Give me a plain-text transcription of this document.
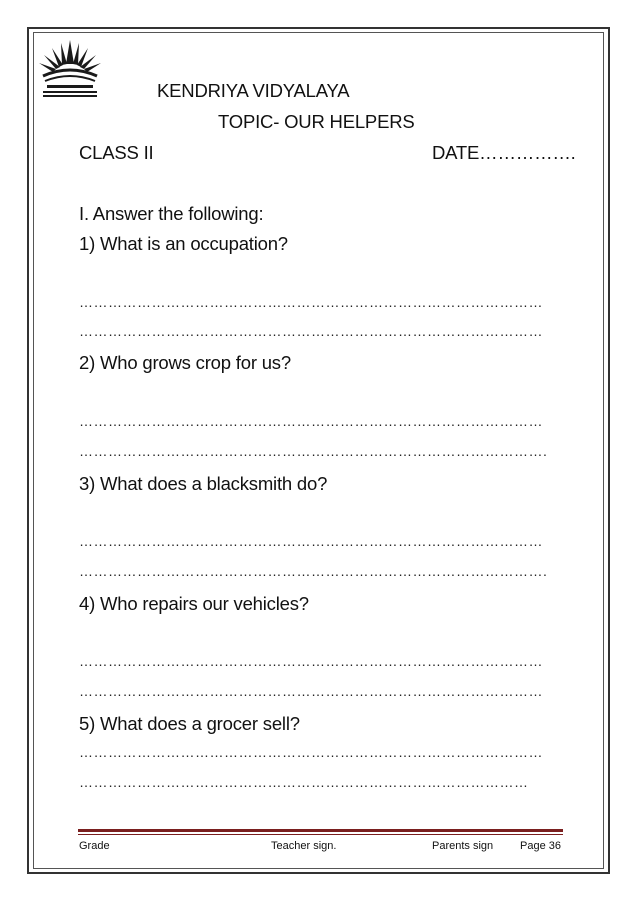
KENDRIYA VIDYALAYA
TOPIC- OUR HELPERS
CLASS II	DATE…………….
I. Answer the following:
1) What is an occupation?
……………………………………………………………………………………
……………………………………………………………………………………
2) Who grows crop for us?
……………………………………………………………………………………
…………………………………………………………………………………….
3) What does a blacksmith do?
……………………………………………………………………………………
…………………………………………………………………………………….
4) Who repairs our vehicles?
……………………………………………………………………………………
……………………………………………………………………………………
5) What does a grocer sell?
……………………………………………………………………………………
…………………………………………………………………………………
Grade	Teacher sign.	Parents sign Page 36
